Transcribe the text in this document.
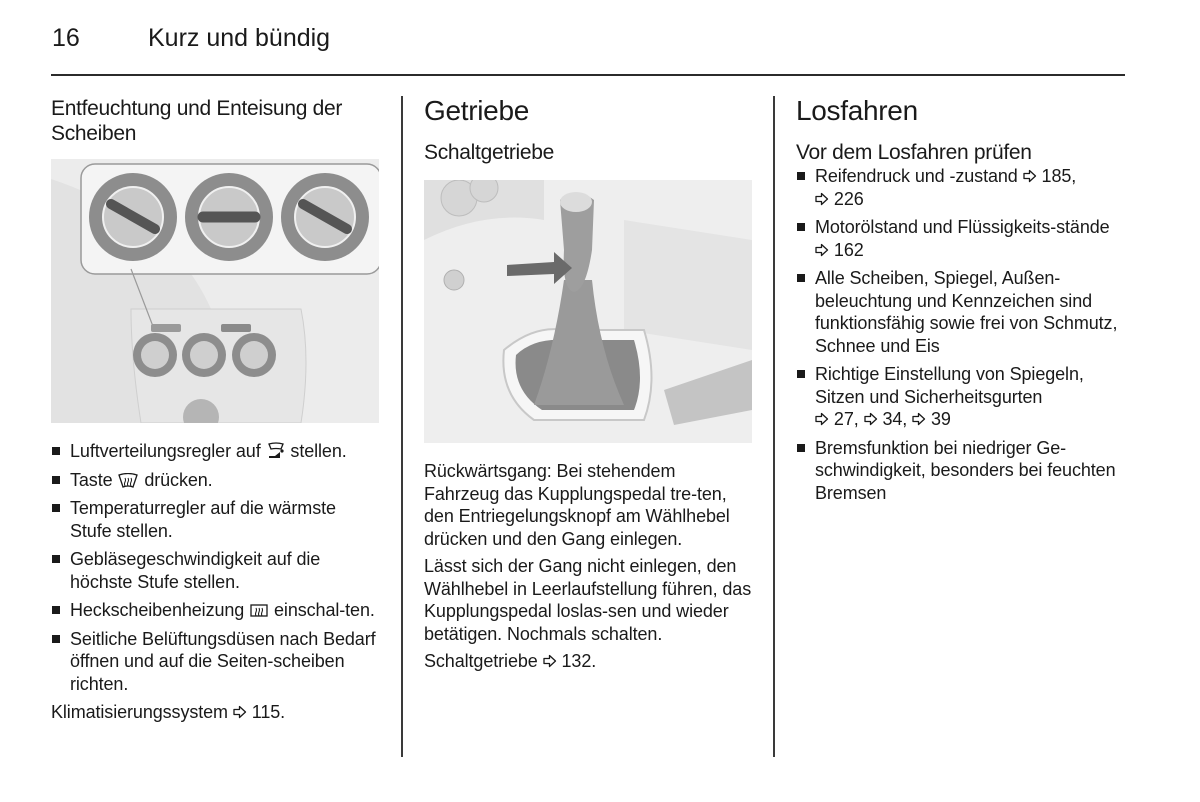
16	Kurz und bündig
Entfeuchtung und Enteisung der Scheiben
Luftverteilungsregler auf  stellen.
Taste  drücken.
Temperaturregler auf die wärmste Stufe stellen.
Gebläsegeschwindigkeit auf die höchste Stufe stellen.
Heckscheibenheizung  einschal-ten.
Seitliche Belüftungsdüsen nach Bedarf öffnen und auf die Seiten-scheiben richten.

Klimatisierungssystem 115.

Getriebe
Schaltgetriebe

Rückwärtsgang: Bei stehendem Fahrzeug das Kupplungspedal tre-ten, den Entriegelungsknopf am Wählhebel drücken und den Gang einlegen.

Lässt sich der Gang nicht einlegen, den Wählhebel in Leerlaufstellung führen, das Kupplungspedal loslas-sen und wieder betätigen. Nochmals schalten.

Schaltgetriebe 132.

Losfahren
Vor dem Losfahren prüfen
Reifendruck und -zustand 185,
226
Motorölstand und Flüssigkeits-stände  162
Alle Scheiben, Spiegel, Außen-beleuchtung und Kennzeichen sind funktionsfähig sowie frei von Schmutz, Schnee und Eis
Richtige Einstellung von Spiegeln, Sitzen und Sicherheitsgurten
27, 34, 39
Bremsfunktion bei niedriger Ge-schwindigkeit, besonders bei feuchten Bremsen
